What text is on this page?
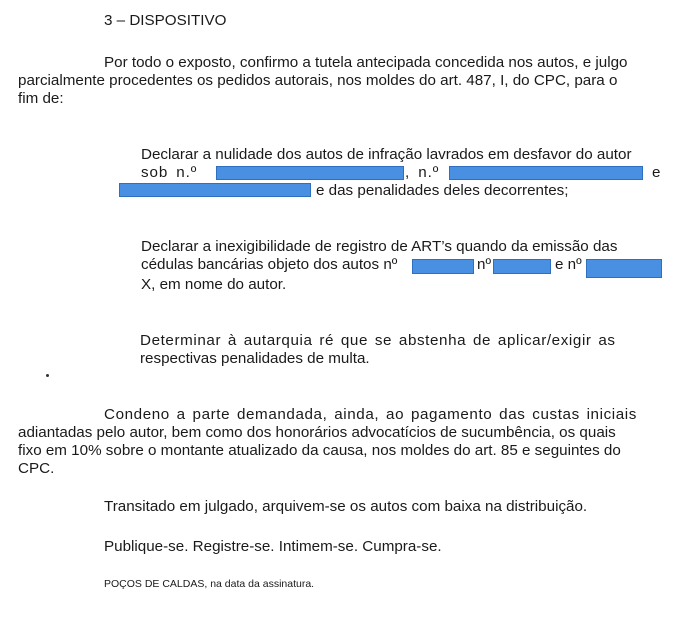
3 – DISPOSITIVO
Por todo o exposto, confirmo a tutela antecipada concedida nos autos, e julgo
parcialmente procedentes os pedidos autorais, nos moldes do art. 487, I, do CPC, para o
fim de:
Declarar a nulidade dos autos de infração lavrados em desfavor do autor
sob n.º	, n.º	e
e das penalidades deles decorrentes;
Declarar a inexigibilidade de registro de ART’s quando da emissão das
cédulas bancárias objeto dos autos nº	nº	e nº
X, em nome do autor.
Determinar à autarquia ré que se abstenha de aplicar/exigir as
respectivas penalidades de multa.
Condeno a parte demandada, ainda, ao pagamento das custas iniciais
adiantadas pelo autor, bem como dos honorários advocatícios de sucumbência, os quais
fixo em 10% sobre o montante atualizado da causa, nos moldes do art. 85 e seguintes do
CPC.
Transitado em julgado, arquivem-se os autos com baixa na distribuição.
Publique-se. Registre-se. Intimem-se. Cumpra-se.
POÇOS DE CALDAS, na data da assinatura.
